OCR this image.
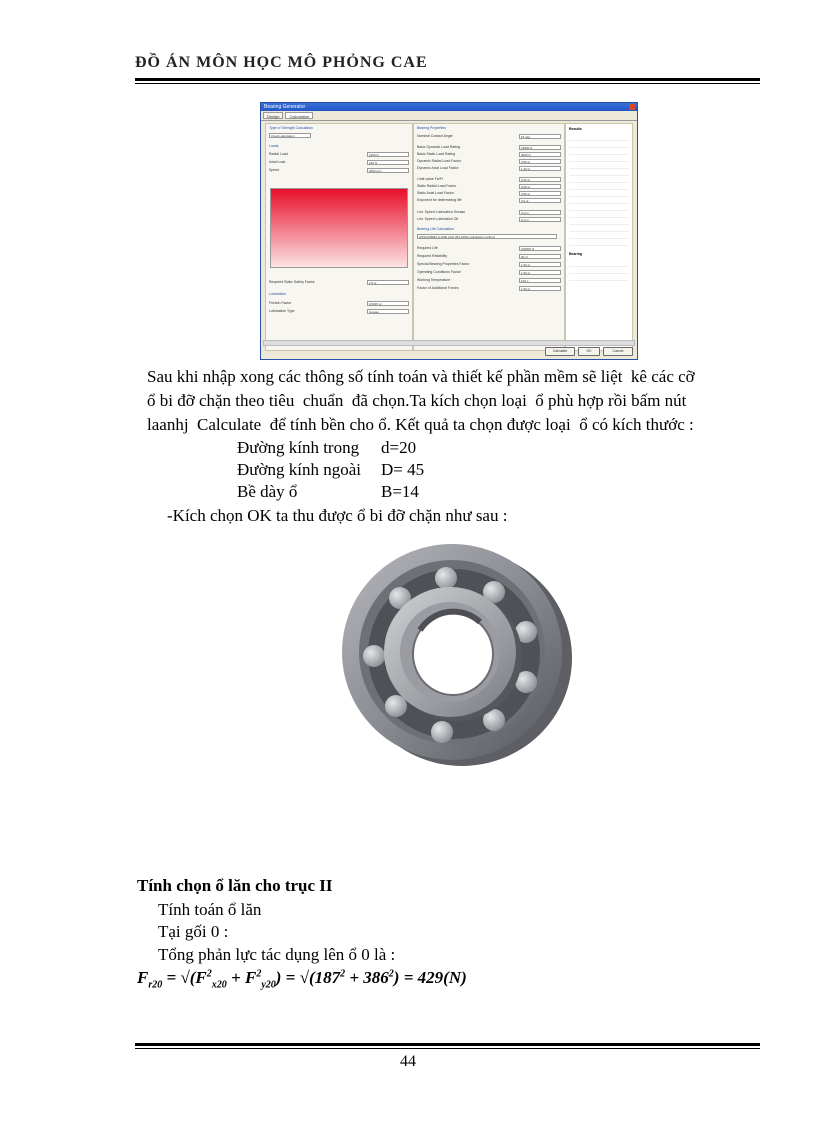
ĐỒ ÁN MÔN HỌC MÔ PHỎNG CAE
Bearing Generator
Design	Calculation
Type of Strength Calculation
Check calculation
Loads
Radial Load	1900 N
Axial Load	246 N
Speed	2500 rpm
Required Static Safety Factor	2.5 ul
Lubrication
Friction Factor	0.0015 ul
Lubrication Type	Grease
Bearing Properties
Nominal Contact Angle	15 deg
Basic Dynamic Load Rating	15600 N
Basic Static Load Rating	9600 N
Dynamic Radial Load Factor	0.56 ul
Dynamic Axial Load Factor	1.30 ul
Limit value Fa/Fr	0.40 ul
Static Radial Load Factor	0.60 ul
Static Axial Load Factor	0.50 ul
Exponent for determining life	3.0 ul
Lim. Speed Lubrication Grease	0 rpm
Lim. Speed Lubrication Oil	0 rpm
Bearing Life Calculation
ANSI/AFBMA 9-1990 (ISO 281-1990) calculation method
Required Life	100000 hr
Required Reliability	90 ul
Special Bearing Properties Factor	1.00 ul
Operating Conditions Factor	1.00 ul
Working Temperature	100 c
Factor of Additional Forces	1.00 ul
Results
Bearing
Calculate	OK	Cancel
Sau khi nhập xong các thông số tính toán và thiết kế phần mềm sẽ liệt  kê các cỡ
ổ bi đỡ chặn theo tiêu  chuẩn  đã chọn.Ta kích chọn loại  ổ phù hợp rồi bấm nút
laanhj  Calculate  để tính bền cho ổ. Kết quả ta chọn được loại  ổ có kích thước :
Đường kính trong d=20
Đường kính ngoài D= 45
Bề dày ổ	B=14
-Kích chọn OK ta thu được ổ bi đỡ chặn như sau :
Tính chọn ổ lăn cho trục II
Tính toán ổ lăn
Tại gối 0 :
Tổng phản lực tác dụng lên ổ 0 là :
$F_{r20} = √(F^2_{x20} + F^2_{y20}) = √(187^2 + 386^2) = 429(N)$
44
